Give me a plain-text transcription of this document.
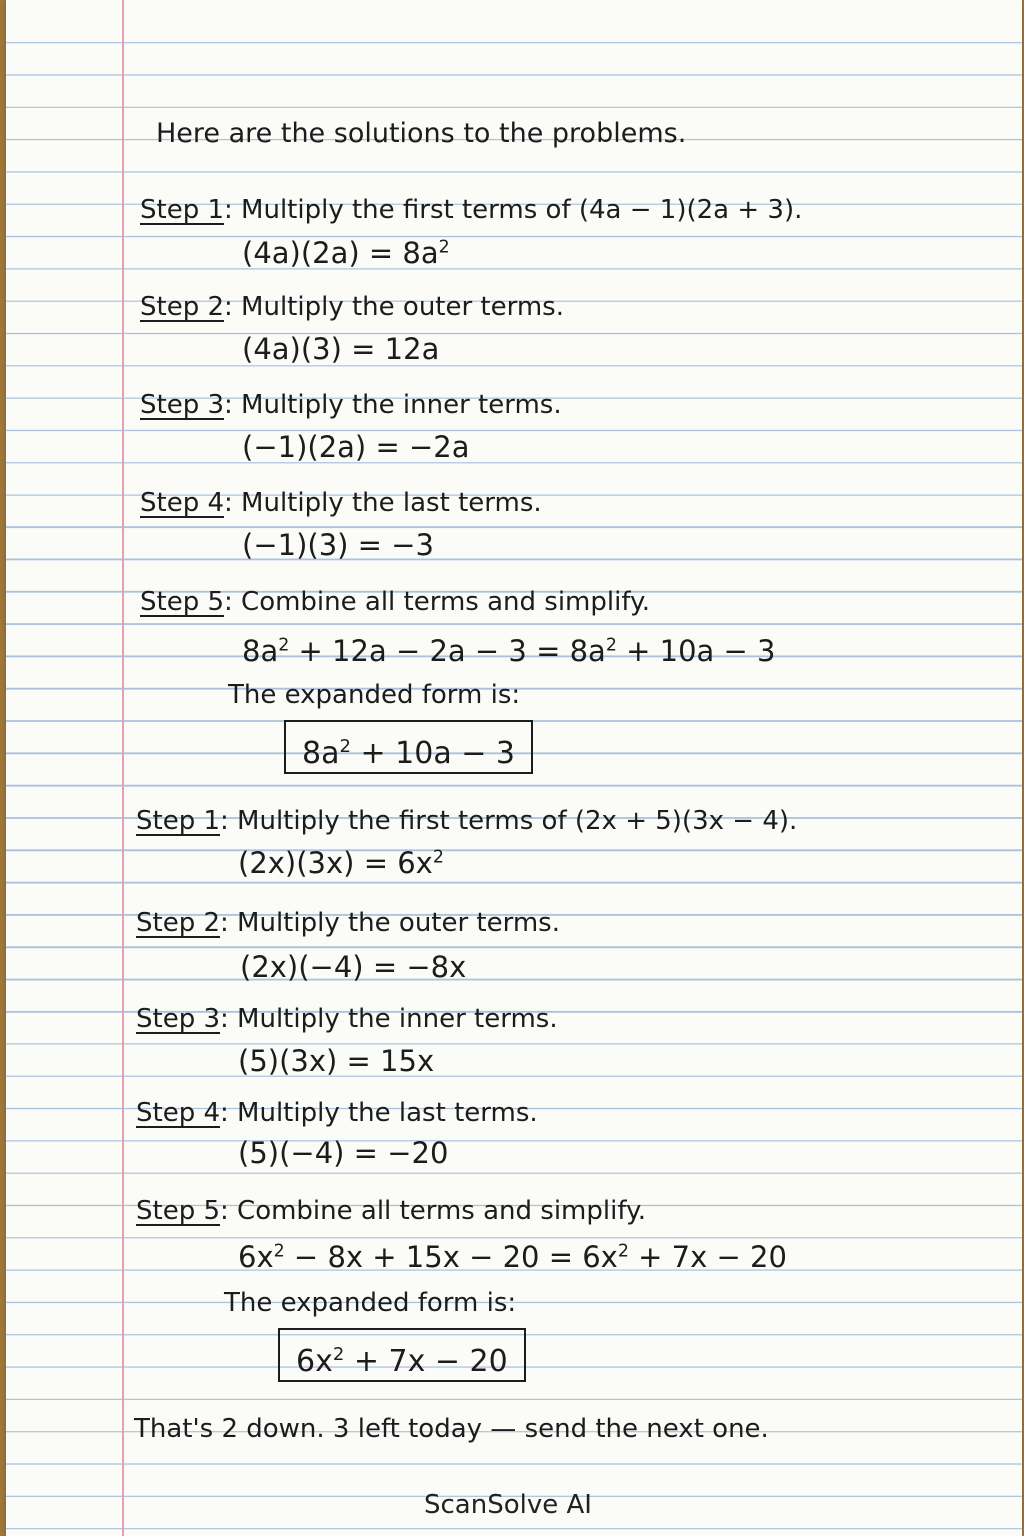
Here are the solutions to the problems.
Step 1: Multiply the first terms of (4a − 1)(2a + 3).
$(4a)(2a) = 8a^2$
Step 2: Multiply the outer terms.
(4a)(3) = 12a
Step 3: Multiply the inner terms.
(−1)(2a) = −2a
Step 4: Multiply the last terms.
(−1)(3) = −3
Step 5: Combine all terms and simplify.
$8a^2 + 12a - 2a - 3 = 8a^2 + 10a - 3$
The expanded form is:
$8a^2 + 10a - 3$
Step 1: Multiply the first terms of (2x + 5)(3x − 4).
$(2x)(3x) = 6x^2$
Step 2: Multiply the outer terms.
(2x)(−4) = −8x
Step 3: Multiply the inner terms.
(5)(3x) = 15x
Step 4: Multiply the last terms.
(5)(−4) = −20
Step 5: Combine all terms and simplify.
$6x^2 - 8x + 15x - 20 = 6x^2 + 7x - 20$
The expanded form is:
$6x^2 + 7x - 20$
That's 2 down. 3 left today — send the next one.
ScanSolve AI
